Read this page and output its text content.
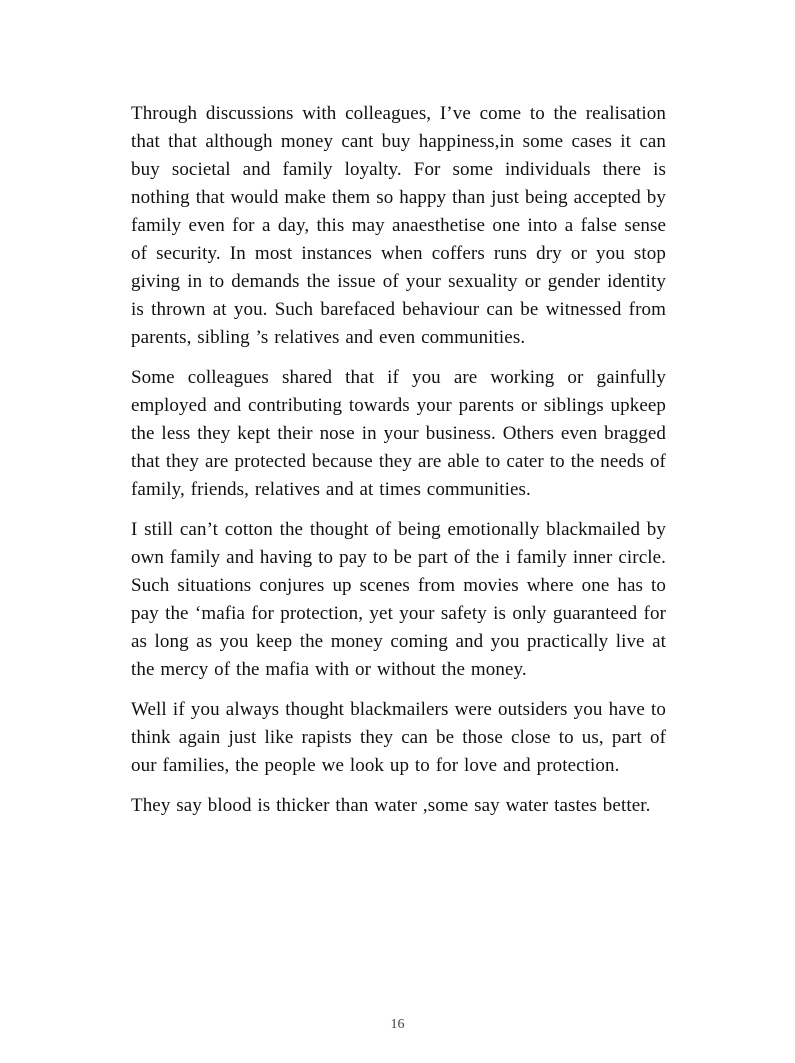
Through discussions with colleagues, I’ve come to the realisation that that although money cant buy happiness,in some cases it can buy societal and family loyalty. For some individuals there is nothing that would make them so happy than just being accepted by family even for a day, this may anaesthetise one into a false sense of security. In most instances when coffers runs dry or you stop giving in to demands the issue of your sexuality or gender identity is thrown at you. Such barefaced behaviour can be witnessed from parents, sibling ’s relatives and even communities.

Some colleagues shared that if you are working or gainfully employed and contributing towards your parents or siblings upkeep the less they kept their nose in your business. Others even bragged that they are protected because they are able to cater to the needs of family, friends, relatives and at times communities.

I still can’t cotton the thought of being emotionally blackmailed by own family and having to pay to be part of the i family inner circle. Such situations conjures up scenes from movies where one has to pay the ‘mafia for protection, yet your safety is only guaranteed for as long as you keep the money coming and you practically live at the mercy of the mafia with or without the money.

Well if you always thought blackmailers were outsiders you have to think again just like rapists they can be those close to us, part of our families, the people we look up to for love and protection.

They say blood is thicker than water ,some say water tastes better.

16
